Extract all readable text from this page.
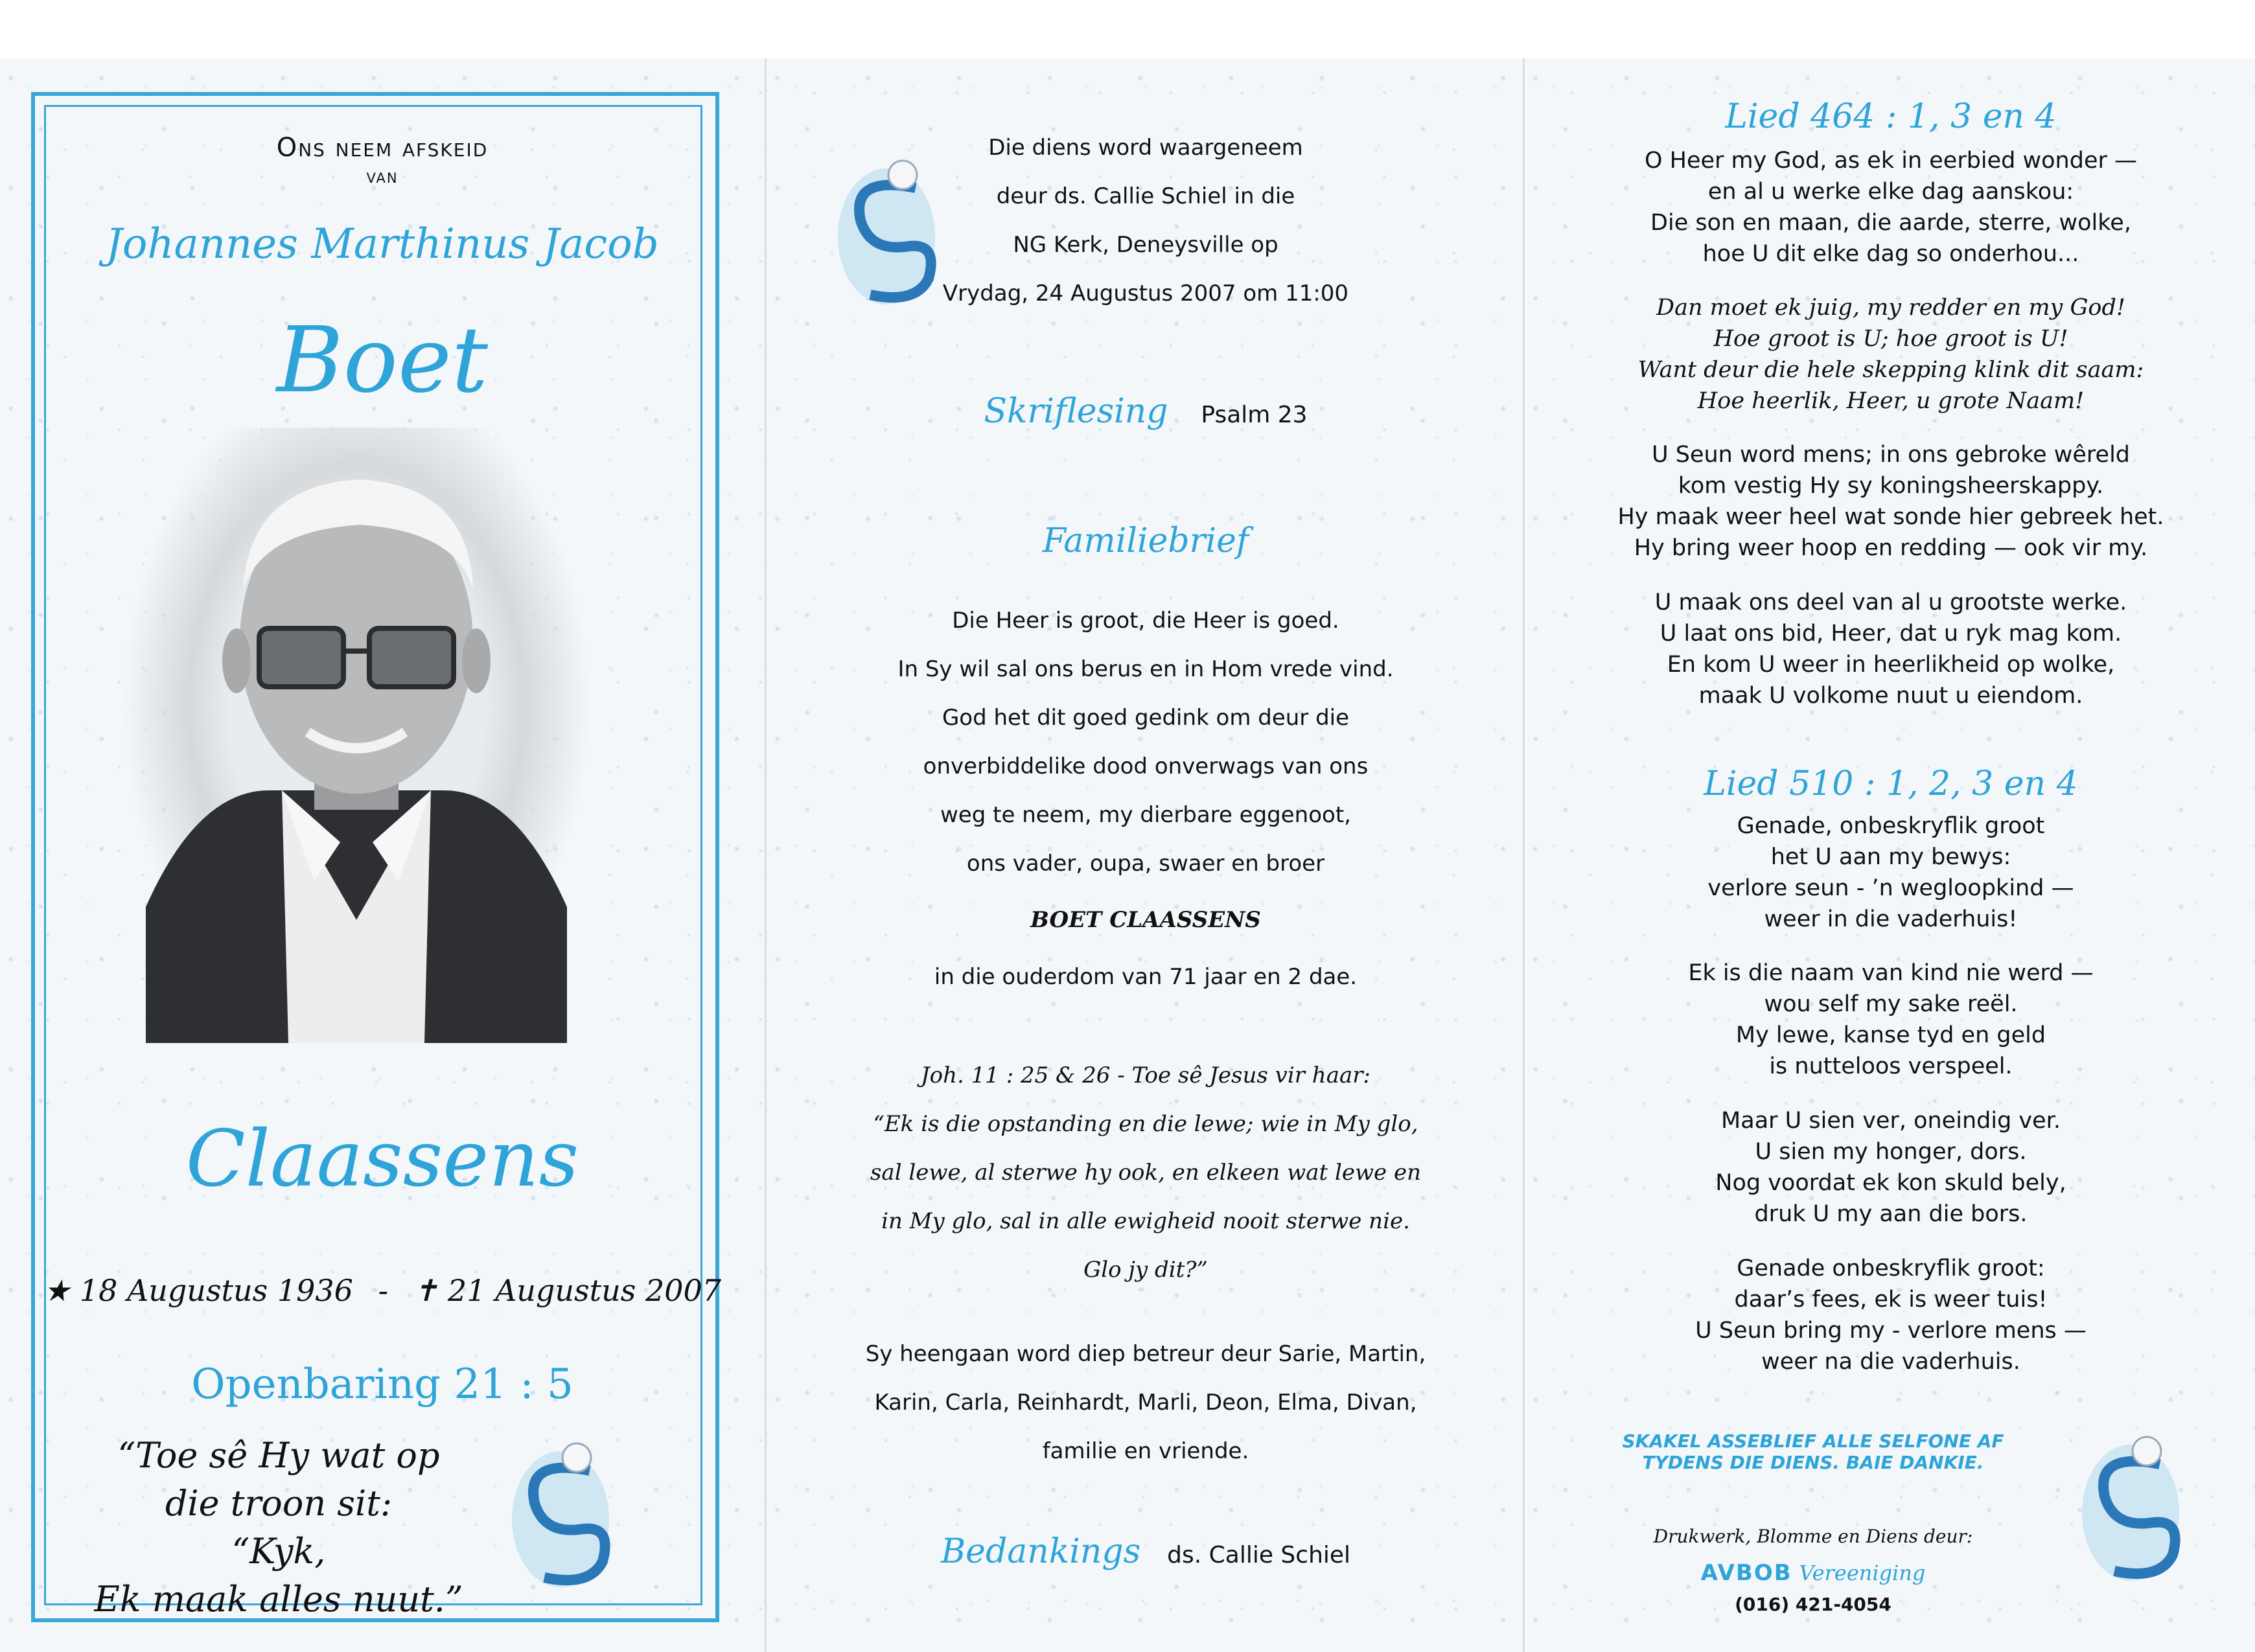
Ons neem afskeid
van
Johannes Marthinus Jacob
Boet
Claassens
★ 18 Augustus 1936 - ✝ 21 Augustus 2007
Openbaring 21 : 5
“Toe sê Hy wat op
die troon sit:
“Kyk,
Ek maak alles nuut.”
Die diens word waargeneem
deur ds. Callie Schiel in die
NG Kerk, Deneysville op
Vrydag, 24 Augustus 2007 om 11:00
Skriflesing Psalm 23
Familiebrief
Die Heer is groot, die Heer is goed.
In Sy wil sal ons berus en in Hom vrede vind.
God het dit goed gedink om deur die
onverbiddelike dood onverwags van ons
weg te neem, my dierbare eggenoot,
ons vader, oupa, swaer en broer
BOET CLAASSENS
in die ouderdom van 71 jaar en 2 dae.
Joh. 11 : 25 & 26 - Toe sê Jesus vir haar:
“Ek is die opstanding en die lewe; wie in My glo,
sal lewe, al sterwe hy ook, en elkeen wat lewe en
in My glo, sal in alle ewigheid nooit sterwe nie.
Glo jy dit?”
Sy heengaan word diep betreur deur Sarie, Martin,
Karin, Carla, Reinhardt, Marli, Deon, Elma, Divan,
familie en vriende.
Bedankings ds. Callie Schiel
Lied 464 : 1, 3 en 4
O Heer my God, as ek in eerbied wonder —
en al u werke elke dag aanskou:
Die son en maan, die aarde, sterre, wolke,
hoe U dit elke dag so onderhou...
Dan moet ek juig, my redder en my God!
Hoe groot is U; hoe groot is U!
Want deur die hele skepping klink dit saam:
Hoe heerlik, Heer, u grote Naam!
U Seun word mens; in ons gebroke wêreld
kom vestig Hy sy koningsheerskappy.
Hy maak weer heel wat sonde hier gebreek het.
Hy bring weer hoop en redding — ook vir my.
U maak ons deel van al u grootste werke.
U laat ons bid, Heer, dat u ryk mag kom.
En kom U weer in heerlikheid op wolke,
maak U volkome nuut u eiendom.
Lied 510 : 1, 2, 3 en 4
Genade, onbeskryflik groot
het U aan my bewys:
verlore seun - ’n wegloopkind —
weer in die vaderhuis!
Ek is die naam van kind nie werd —
wou self my sake reël.
My lewe, kanse tyd en geld
is nutteloos verspeel.
Maar U sien ver, oneindig ver.
U sien my honger, dors.
Nog voordat ek kon skuld bely,
druk U my aan die bors.
Genade onbeskryflik groot:
daar’s fees, ek is weer tuis!
U Seun bring my - verlore mens —
weer na die vaderhuis.
SKAKEL ASSEBLIEF ALLE SELFONE AF
TYDENS DIE DIENS. BAIE DANKIE.
Drukwerk, Blomme en Diens deur:
AVBOB Vereeniging
(016) 421-4054
